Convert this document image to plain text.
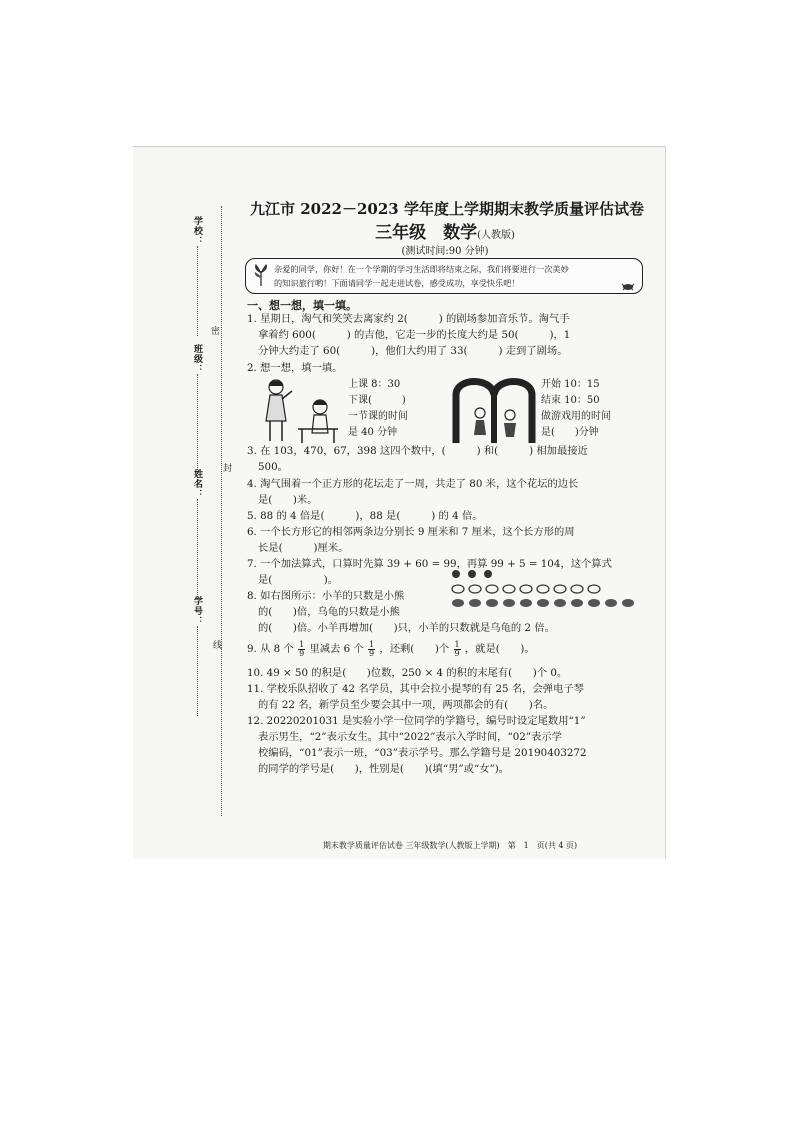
学校：
班级：
姓名：
学号：
密
封
线
九江市 2022－2023 学年度上学期期末教学质量评估试卷
三年级　数学(人教版)
(测试时间:90 分钟)
亲爱的同学，你好！在一个学期的学习生活即将结束之际，我们将要进行一次美妙
的知识旅行哟！下面请同学一起走进试卷，感受成功，享受快乐吧！
一、想一想，填一填。
1. 星期日，淘气和笑笑去离家约 2(　　　) 的剧场参加音乐节。淘气手
拿着约 600(　　　) 的吉他，它走一步的长度大约是 50(　　　)，1
分钟大约走了 60(　　　)，他们大约用了 33(　　　) 走到了剧场。
2. 想一想，填一填。
上课 8：30
下课(　　　)
一节课的时间
是 40 分钟
开始 10：15
结束 10：50
做游戏用的时间
是(　　)分钟
3. 在 103，470，67，398 这四个数中，(　　　) 和(　　　) 相加最接近
500。
4. 淘气围着一个正方形的花坛走了一周，共走了 80 米，这个花坛的边长
是(　　)米。
5. 88 的 4 倍是(　　　)，88 是(　　　) 的 4 倍。
6. 一个长方形它的相邻两条边分别长 9 厘米和 7 厘米，这个长方形的周
长是(　　　)厘米。
7. 一个加法算式，口算时先算 39 + 60 = 99，再算 99 + 5 = 104，这个算式
是(　　　　　)。
8. 如右图所示：小羊的只数是小熊
的(　　)倍，乌龟的只数是小熊
的(　　)倍。小羊再增加(　　)只，小羊的只数就是乌龟的 2 倍。
9. 从 8 个 $\frac{1}{9}$ 里减去 6 个 $\frac{1}{9}$ ，还剩(　　)个 $\frac{1}{9}$ ，就是(　　)。
10. 49 × 50 的积是(　　)位数，250 × 4 的积的末尾有(　　)个 0。
11. 学校乐队招收了 42 名学员，其中会拉小提琴的有 25 名，会弹电子琴
的有 22 名，新学员至少要会其中一项，两项都会的有(　　)名。
12. 20220201031 是实验小学一位同学的学籍号，编号时设定尾数用“1”
表示男生，“2”表示女生。其中“2022”表示入学时间，“02”表示学
校编码，“01”表示一班，“03”表示学号。那么学籍号是 20190403272
的同学的学号是(　　)，性别是(　　)(填“男”或“女”)。
期末教学质量评估试卷 三年级数学(人教版上学期)　第　1　页(共 4 页)
